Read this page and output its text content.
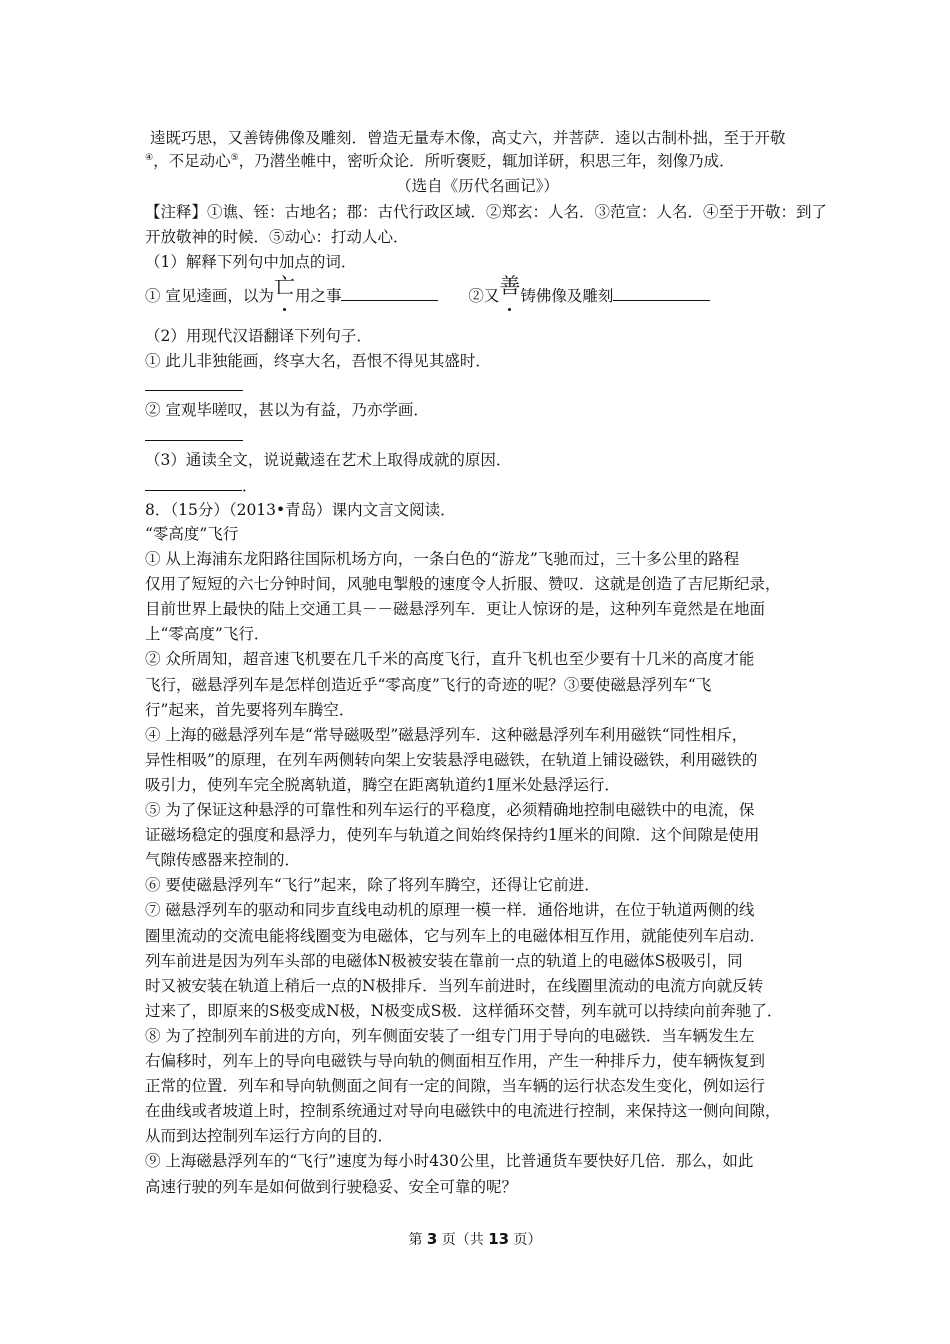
逵既巧思，又善铸佛像及雕刻．曾造无量寿木像，高丈六，并菩萨．逵以古制朴拙，至于开敬
④，不足动心⑤，乃潜坐帷中，密听众论．所听褒贬，辄加详研，积思三年，刻像乃成．
（选自《历代名画记》）
【注释】①谯、铚：古地名；郡：古代行政区域．②郑玄：人名．③范宣：人名．④至于开敬：到了
开放敬神的时候．⑤动心：打动人心．
（1）解释下列句中加点的词．
① 宣见逵画，以为亡用之事	②又善铸佛像及雕刻
（2）用现代汉语翻译下列句子．
① 此儿非独能画，终享大名，吾恨不得见其盛时．
② 宣观毕嗟叹，甚以为有益，乃亦学画．
（3）通读全文，说说戴逵在艺术上取得成就的原因．
．
8．（15分）（2013•青岛）课内文言文阅读．
“零高度”飞行
① 从上海浦东龙阳路往国际机场方向，一条白色的“游龙”飞驰而过，三十多公里的路程
仅用了短短的六七分钟时间，风驰电掣般的速度令人折服、赞叹．这就是创造了吉尼斯纪录，
目前世界上最快的陆上交通工具－－磁悬浮列车．更让人惊讶的是，这种列车竟然是在地面
上“零高度”飞行．
② 众所周知，超音速飞机要在几千米的高度飞行，直升飞机也至少要有十几米的高度才能
飞行，磁悬浮列车是怎样创造近乎“零高度”飞行的奇迹的呢？③要使磁悬浮列车“飞
行”起来，首先要将列车腾空．
④ 上海的磁悬浮列车是“常导磁吸型”磁悬浮列车．这种磁悬浮列车利用磁铁“同性相斥，
异性相吸”的原理，在列车两侧转向架上安装悬浮电磁铁，在轨道上铺设磁铁，利用磁铁的
吸引力，使列车完全脱离轨道，腾空在距离轨道约1厘米处悬浮运行．
⑤ 为了保证这种悬浮的可靠性和列车运行的平稳度，必须精确地控制电磁铁中的电流，保
证磁场稳定的强度和悬浮力，使列车与轨道之间始终保持约1厘米的间隙．这个间隙是使用
气隙传感器来控制的．
⑥ 要使磁悬浮列车“飞行”起来，除了将列车腾空，还得让它前进．
⑦ 磁悬浮列车的驱动和同步直线电动机的原理一模一样．通俗地讲，在位于轨道两侧的线
圈里流动的交流电能将线圈变为电磁体，它与列车上的电磁体相互作用，就能使列车启动．
列车前进是因为列车头部的电磁体N极被安装在靠前一点的轨道上的电磁体S极吸引，同
时又被安装在轨道上稍后一点的N极排斥．当列车前进时，在线圈里流动的电流方向就反转
过来了，即原来的S极变成N极，N极变成S极．这样循环交替，列车就可以持续向前奔驰了．
⑧ 为了控制列车前进的方向，列车侧面安装了一组专门用于导向的电磁铁．当车辆发生左
右偏移时，列车上的导向电磁铁与导向轨的侧面相互作用，产生一种排斥力，使车辆恢复到
正常的位置．列车和导向轨侧面之间有一定的间隙，当车辆的运行状态发生变化，例如运行
在曲线或者坡道上时，控制系统通过对导向电磁铁中的电流进行控制，来保持这一侧向间隙，
从而到达控制列车运行方向的目的．
⑨ 上海磁悬浮列车的“飞行”速度为每小时430公里，比普通货车要快好几倍．那么，如此
高速行驶的列车是如何做到行驶稳妥、安全可靠的呢？
第 3 页（共 13 页）
